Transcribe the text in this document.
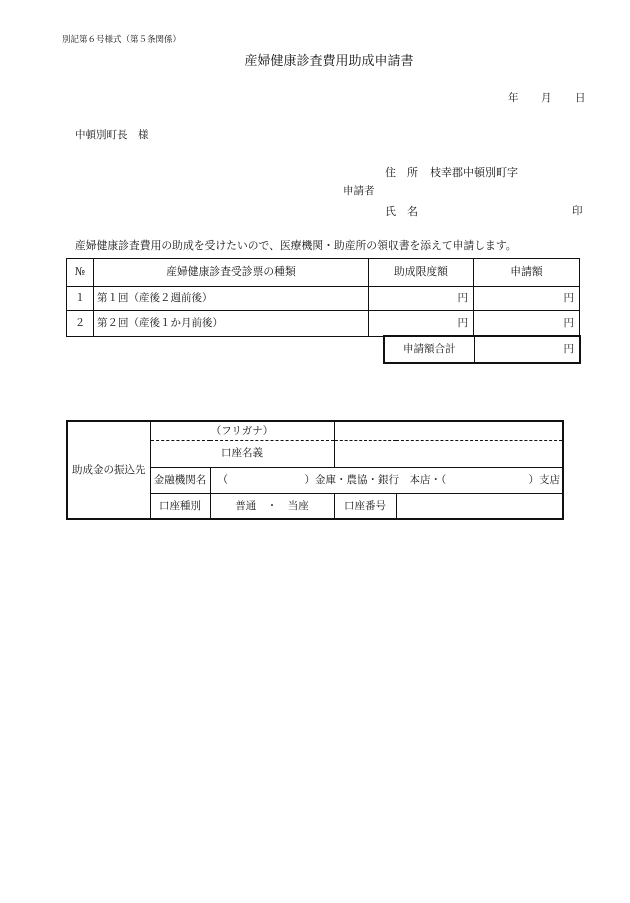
別記第６号様式（第５条関係）
産婦健康診査費用助成申請書
年 月 日
中頓別町長　様
住　所 枝幸郡中頓別町字
申請者
氏　名	印
産婦健康診査費用の助成を受けたいので、医療機関・助産所の領収書を添えて申請します。
№	産婦健康診査受診票の種類	助成限度額	申請額
１	第１回（産後２週前後）	円	円
２	第２回（産後１か月前後）	円	円
申請額合計	円
助成金の振込先	（フリガナ）			
	口座名義			
	金融機関名	（ ）金庫・農協・銀行　本店・（ ）支店		

	口座種別	普通　・　当座	口座番号	
